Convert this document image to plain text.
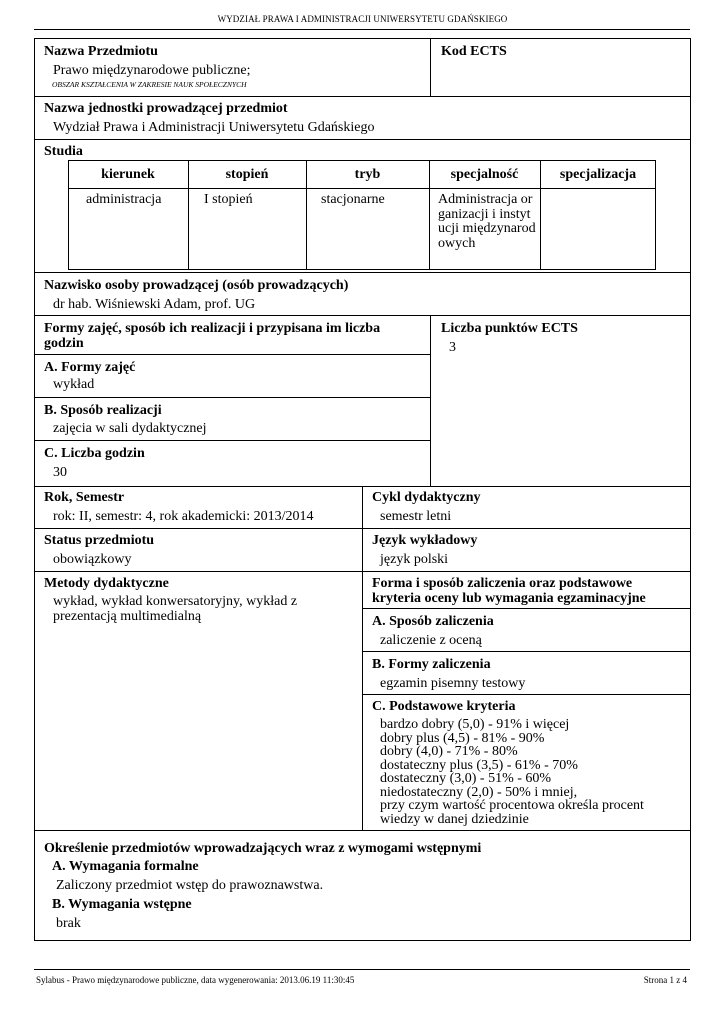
WYDZIAŁ PRAWA I ADMINISTRACJI UNIWERSYTETU GDAŃSKIEGO
Nazwa Przedmiotu
Prawo międzynarodowe publiczne;
OBSZAR KSZTAŁCENIA W ZAKRESIE NAUK SPOŁECZNYCH
Kod ECTS
Nazwa jednostki prowadzącej przedmiot
Wydział Prawa i Administracji Uniwersytetu Gdańskiego
Studia
kierunek	stopień	tryb	specjalność	specjalizacja
administracja	I stopień	stacjonarne	Administracja organizacji i instytucji międzynarodowych
Nazwisko osoby prowadzącej (osób prowadzących)
dr hab. Wiśniewski Adam, prof. UG
Formy zajęć, sposób ich realizacji i przypisana im liczba godzin
Liczba punktów ECTS
3
A. Formy zajęć
wykład
B. Sposób realizacji
zajęcia w sali dydaktycznej
C. Liczba godzin
30
Rok, Semestr
rok: II, semestr: 4, rok akademicki: 2013/2014
Cykl dydaktyczny
semestr letni
Status przedmiotu
obowiązkowy
Język wykładowy
język polski
Metody dydaktyczne
wykład, wykład konwersatoryjny, wykład z prezentacją multimedialną
Forma i sposób zaliczenia oraz podstawowe kryteria oceny lub wymagania egzaminacyjne
A. Sposób zaliczenia
zaliczenie z oceną
B. Formy zaliczenia
egzamin pisemny testowy
C. Podstawowe kryteria
bardzo dobry (5,0) - 91% i więcej
dobry plus (4,5) - 81% - 90%
dobry (4,0) - 71% - 80%
dostateczny plus (3,5) - 61% - 70%
dostateczny (3,0) - 51% - 60%
niedostateczny (2,0) - 50% i mniej,
przy czym wartość procentowa określa procent
wiedzy w danej dziedzinie
Określenie przedmiotów wprowadzających wraz z wymogami wstępnymi
A. Wymagania formalne
Zaliczony przedmiot wstęp do prawoznawstwa.
B. Wymagania wstępne
brak
Sylabus - Prawo międzynarodowe publiczne, data wygenerowania: 2013.06.19 11:30:45	Strona 1 z 4
